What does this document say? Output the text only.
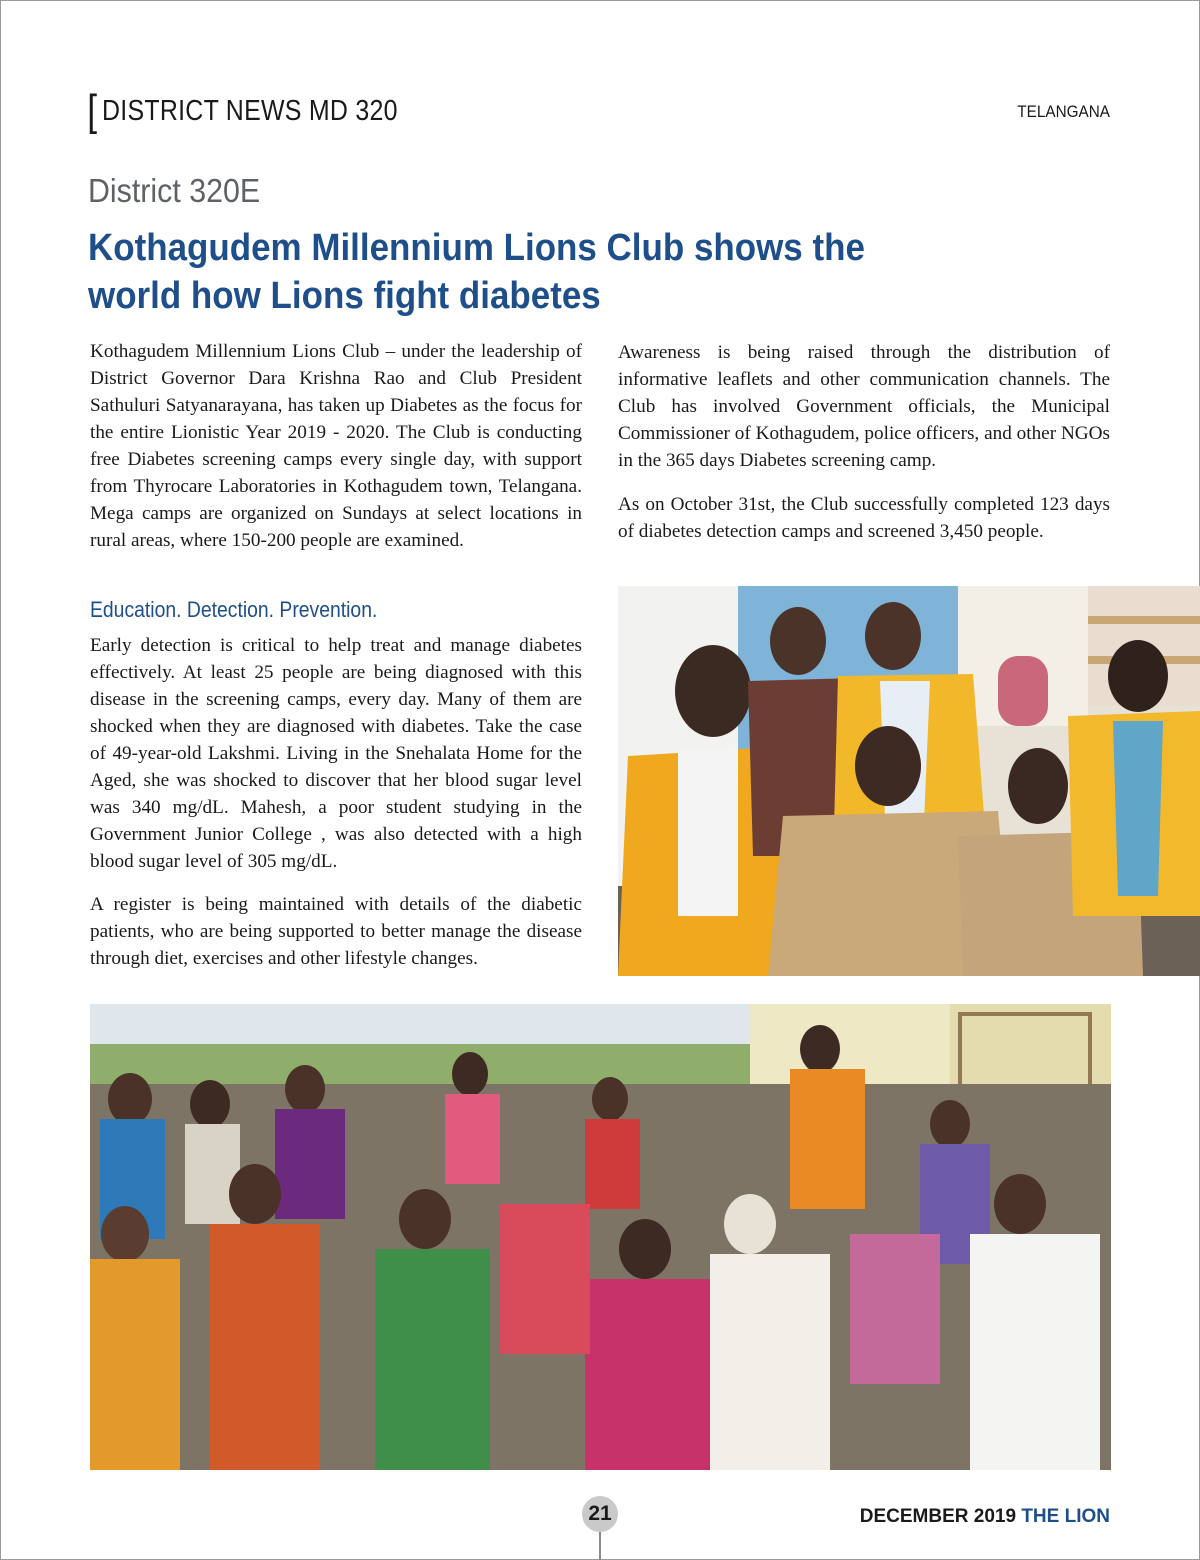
[ DISTRICT NEWS MD 320	TELANGANA
District 320E
Kothagudem Millennium Lions Club shows the world how Lions fight diabetes

Kothagudem Millennium Lions Club – under the leadership of District Governor Dara Krishna Rao and Club President Sathuluri Satyanarayana, has taken up Diabetes as the focus for the entire Lionistic Year 2019 - 2020. The Club is conducting free Diabetes screening camps every single day, with support from Thyrocare Laboratories in Kothagudem town, Telangana. Mega camps are organized on Sundays at select locations in rural areas, where 150-200 people are examined.

Education. Detection. Prevention.

Early detection is critical to help treat and manage diabetes effectively. At least 25 people are being diagnosed with this disease in the screening camps, every day. Many of them are shocked when they are diagnosed with diabetes. Take the case of 49-year-old Lakshmi. Living in the Snehalata Home for the Aged, she was shocked to discover that her blood sugar level was 340 mg/dL. Mahesh, a poor student studying in the Government Junior College , was also detected with a high blood sugar level of 305 mg/dL.

A register is being maintained with details of the diabetic patients, who are being supported to better manage the disease through diet, exercises and other lifestyle changes.

Awareness is being raised through the distribution of informative leaflets and other communication channels. The Club has involved Government officials, the Municipal Commissioner of Kothagudem, police officers, and other NGOs in the 365 days Diabetes screening camp.

As on October 31st, the Club successfully completed 123 days of diabetes detection camps and screened 3,450 people.

21	DECEMBER 2019 THE LION
